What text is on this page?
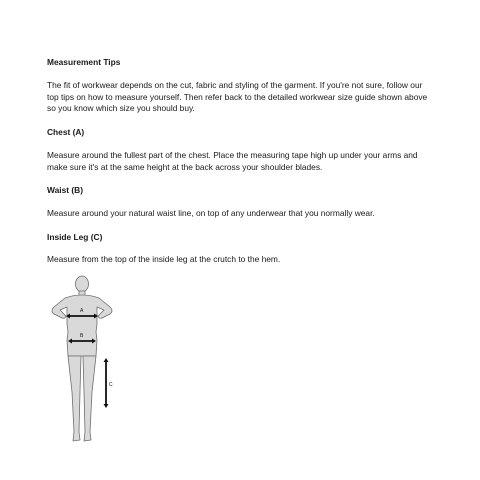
Measurement Tips

The fit of workwear depends on the cut, fabric and styling of the garment. If you're not sure, follow our

top tips on how to measure yourself. Then refer back to the detailed workwear size guide shown above

so you know which size you should buy.

Chest (A)

Measure around the fullest part of the chest. Place the measuring tape high up under your arms and

make sure it's at the same height at the back across your shoulder blades.

Waist (B)

Measure around your natural waist line, on top of any underwear that you normally wear.

Inside Leg (C)

Measure from the top of the inside leg at the crutch to the hem.

A
B
C
